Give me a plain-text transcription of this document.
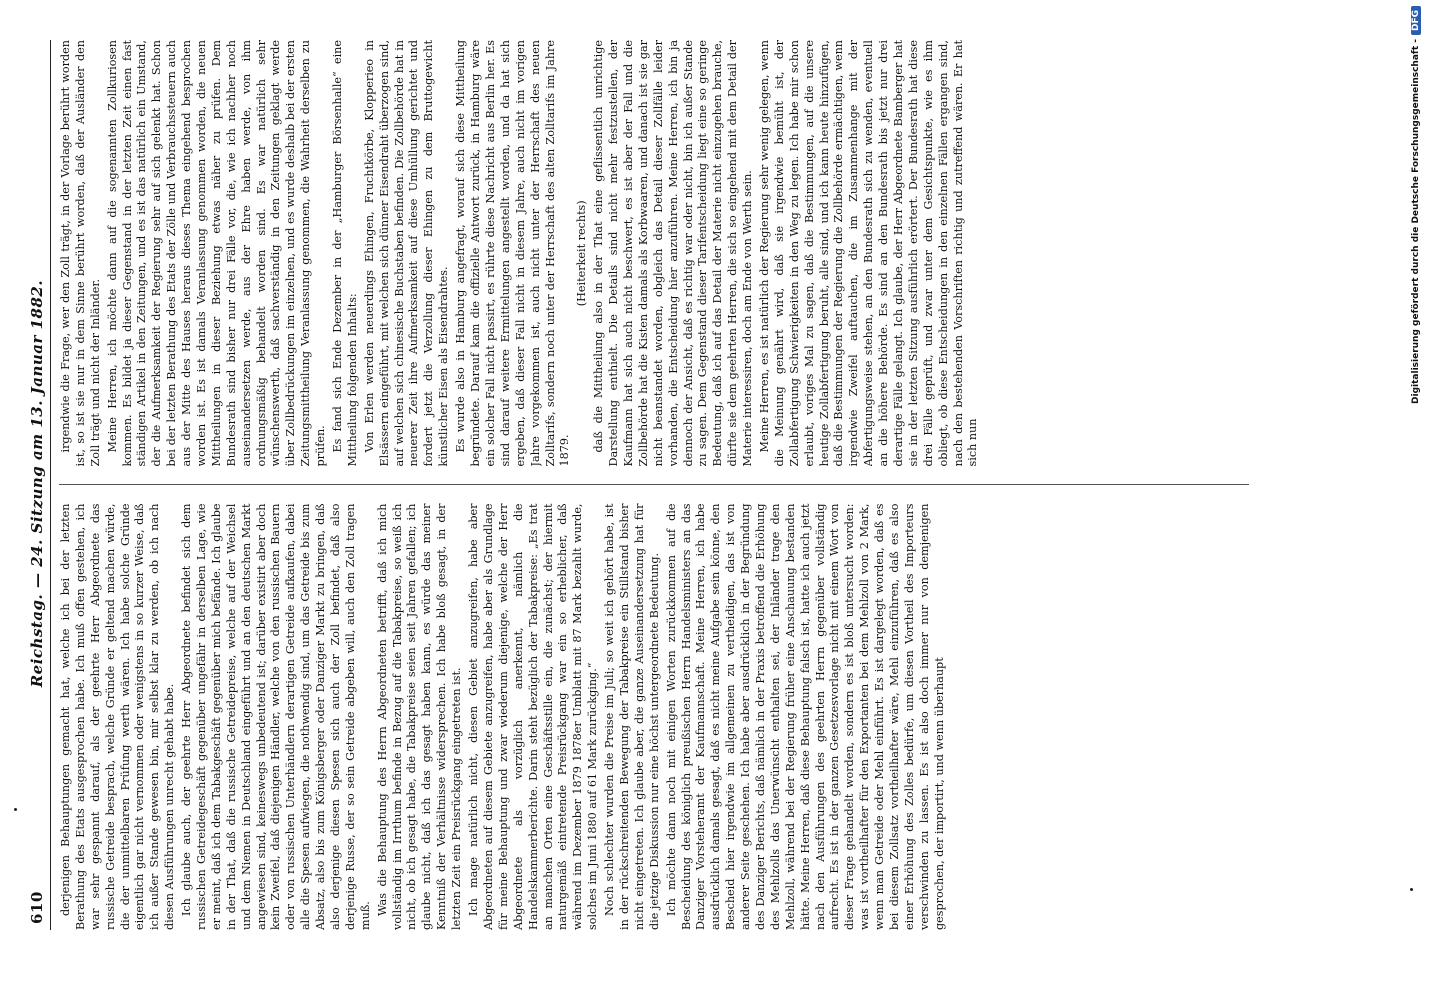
610
Reichstag. — 24. Sitzung am 13. Januar 1882.

derjenigen Behauptungen gemacht hat, welche ich bei der letzten Berathung des Etats ausgesprochen habe. Ich muß offen gestehen, ich war sehr gespannt darauf, als der geehrte Herr Abgeordnete das russische Getreide besprach, welche Gründe er geltend machen würde, die der unmittelbaren Prüfung werth wären. Ich habe solche Gründe eigentlich gar nicht vernommen oder wenigstens in so kurzer Weise, daß ich außer Stande gewesen bin, mir selbst klar zu werden, ob ich nach diesen Ausführungen unrecht gehabt habe. Ich glaube auch, der geehrte Herr Abgeordnete befindet sich dem russischen Getreidegeschäft gegenüber ungefähr in derselben Lage, wie er meint, daß ich dem Tabakgeschäft gegenüber mich befände. Ich glaube in der That, daß die russische Getreidepreise, welche auf der Weichsel und dem Niemen in Deutschland eingeführt und an den deutschen Markt angewiesen sind, keineswegs unbedeutend ist; darüber existirt aber doch kein Zweifel, daß diejenigen Händler, welche von den russischen Bauern oder von russischen Unterhändlern derartigen Getreide aufkaufen, dabei alle die Spesen aufwiegen, die nothwendig sind, um das Getreide bis zum Absatz, also bis zum Königsberger oder Danziger Markt zu bringen, daß also derjenige diesen Spesen sich auch der Zoll befindet, daß also derjenige Russe, der so sein Getreide abgeben will, auch den Zoll tragen muß. Was die Behauptung des Herrn Abgeordneten betrifft, daß ich mich vollständig im Irrthum befinde in Bezug auf die Tabakpreise, so weiß ich nicht, ob ich gesagt habe, die Tabakpreise seien seit Jahren gefallen; ich glaube nicht, daß ich das gesagt haben kann, es würde das meiner Kenntniß der Verhältnisse widersprechen. Ich habe bloß gesagt, in der letzten Zeit ein Preisrückgang eingetreten ist. Ich mage natürlich nicht, diesen Gebiet anzugreifen, habe aber Abgeordneten auf diesem Gebiete anzugreifen, habe aber als Grundlage für meine Behauptung und zwar wiederum diejenige, welche der Herr Abgeordnete als vorzüglich anerkennt, nämlich die Handelskammerberichte. Darin steht bezüglich der Tabakpreise: „Es trat an manchen Orten eine Geschäftsstille ein, die zunächst; der hiermit naturgemäß eintretende Preisrückgang war ein so erheblicher, daß während im Dezember 1879 1878er Umblatt mit 87 Mark bezahlt wurde, solches im Juni 1880 auf 61 Mark zurückging.“ Noch schlechter wurden die Preise im Juli; so weit ich gehört habe, ist in der rückschreitenden Bewegung der Tabakpreise ein Stillstand bisher nicht eingetreten. Ich glaube aber, die ganze Auseinandersetzung hat für die jetzige Diskussion nur eine höchst untergeordnete Bedeutung. Ich möchte dann noch mit einigen Worten zurückkommen auf die Bescheidung des königlich preußischen Herrn Handelsministers an das Danziger Vorsteheramt der Kaufmannschaft. Meine Herren, ich habe ausdrücklich damals gesagt, daß es nicht meine Aufgabe sein könne, den Bescheid hier irgendwie im allgemeinen zu vertheidigen, das ist von anderer Seite geschehen. Ich habe aber ausdrücklich in der Begründung des Danziger Berichts, daß nämlich in der Praxis betroffend die Erhöhung des Mehlzolls das Unerwünscht enthalten sei, der Inländer trage den Mehlzoll, während bei der Regierung früher eine Anschauung bestanden hätte. Meine Herren, daß diese Behauptung falsch ist, hatte ich auch jetzt nach den Ausführungen des geehrten Herrn gegenüber vollständig aufrecht. Es ist in der ganzen Gesetzesvorlage nicht mit einem Wort von dieser Frage gehandelt worden, sondern es ist bloß untersucht worden: was ist vortheilhafter für den Exportanten bei dem Mehlzoll von 2 Mark, wenn man Getreide oder Mehl einführt. Es ist dargelegt worden, daß es bei diesem Zollsatz vortheilhafter wäre, Mehl einzuführen, daß es also einer Erhöhung des Zolles bedürfe, um diesen Vortheil des Importeurs verschwinden zu lassen. Es ist also doch immer nur von demjenigen gesprochen, der importirt, und wenn überhaupt

irgendwie die Frage, wer den Zoll trägt, in der Vorlage berührt worden ist, so ist sie nur in dem Sinne berührt worden, daß der Ausländer den Zoll trägt und nicht der Inländer. Meine Herren, ich möchte dann auf die sogenannten Zollkuriosen kommen. Es bildet ja dieser Gegenstand in der letzten Zeit einen fast ständigen Artikel in den Zeitungen, und es ist das natürlich ein Umstand, der die Aufmerksamkeit der Regierung sehr auf sich gelenkt hat. Schon bei der letzten Berathung des Etats der Zölle und Verbrauchssteuern auch aus der Mitte des Hauses heraus dieses Thema eingehend besprochen worden ist. Es ist damals Veranlassung genommen worden, die neuen Mittheilungen in dieser Beziehung etwas näher zu prüfen. Dem Bundesrath sind bisher nur drei Fälle vor, die, wie ich nachher noch auseinandersetzen werde, aus der Ehre haben werde, von ihm ordnungsmäßig behandelt worden sind. Es war natürlich sehr wünschenswerth, daß sachverständig in den Zeitungen geklagt werde über Zollbedrückungen im einzelnen, und es wurde deshalb bei der ersten Zeitungsmittheilung Veranlassung genommen, die Wahrheit derselben zu prüfen. Es fand sich Ende Dezember in der „Hamburger Börsenhalle“ eine Mittheilung folgenden Inhalts: Von Erlen werden neuerdings Ehingen, Fruchtkörbe, Klopperieo in Elsässern eingeführt, mit welchen sich dünner Eisendraht überzogen sind, auf welchen sich chinesische Buchstaben befinden. Die Zollbehörde hat in neuerer Zeit ihre Aufmerksamkeit auf diese Umhüllung gerichtet und fordert jetzt die Verzollung dieser Ehingen zu dem Bruttogewicht künstlicher Eisen als Eisendrahtes. Es wurde also in Hamburg angefragt, worauf sich diese Mittheilung begründete. Darauf kam die offizielle Antwort zurück, in Hamburg wäre ein solcher Fall nicht passirt, es rührte diese Nachricht aus Berlin her. Es sind darauf weitere Ermittelungen angestellt worden, und da hat sich ergeben, daß dieser Fall nicht in diesem Jahre, auch nicht im vorigen Jahre vorgekommen ist, auch nicht unter der Herrschaft des neuen Zolltarifs, sondern noch unter der Herrschaft des alten Zolltarifs im Jahre 1879.

(Heiterkeit rechts) daß die Mittheilung also in der That eine geflissentlich unrichtige Darstellung enthielt. Die Details sind nicht mehr festzustellen, der Kaufmann hat sich auch nicht beschwert, es ist aber der Fall und die Zollbehörde hat die Kisten damals als Korbwaaren, und danach ist sie gar nicht beanstandet worden, obgleich das Detail dieser Zollfälle leider vorhanden, die Entscheidung hier anzuführen. Meine Herren, ich bin ja dennoch der Ansicht, daß es richtig war oder nicht, bin ich außer Stande zu sagen. Dem Gegenstand dieser Tarifentscheidung liegt eine so geringe Bedeutung, daß ich auf das Detail der Materie nicht einzugehen brauche, dürfte sie dem geehrten Herren, die sich so eingehend mit dem Detail der Materie interessiren, doch am Ende von Werth sein. Meine Herren, es ist natürlich der Regierung sehr wenig gelegen, wenn die Meinung genährt wird, daß sie irgendwie bemüht ist, der Zollabfertigung Schwierigkeiten in den Weg zu legen. Ich habe mir schon erlaubt, voriges Mal zu sagen, daß die Bestimmungen, auf die unsere heutige Zollabfertigung beruht, alle sind, und ich kann heute hinzufügen, daß die Bestimmungen der Regierung die Zollbehörde ermächtigen, wenn irgendwie Zweifel auftauchen, die im Zusammenhange mit der Abfertigungsweise stehen, an den Bundesrath sich zu wenden, eventuell an die höhere Behörde. Es sind an den Bundesrath bis jetzt nur drei derartige Fälle gelangt. Ich glaube, der Herr Abgeordnete Bamberger hat sie in der letzten Sitzung ausführlich erörtert. Der Bundesrath hat diese drei Fälle geprüft, und zwar unter dem Gesichtspunkte, wie es ihm obliegt, ob diese Entscheidungen in den einzelnen Fällen ergangen sind, nach den bestehenden Vorschriften richtig und zutreffend wären. Er hat sich nun

Digitalisierung gefördert durch die Deutsche Forschungsgemeinschaft -
DFG
